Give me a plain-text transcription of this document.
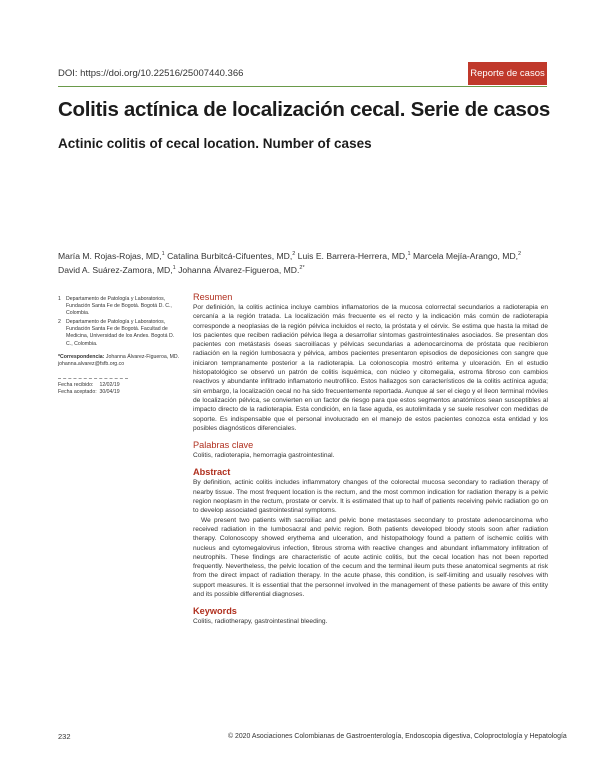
DOI: https://doi.org/10.22516/25007440.366	Reporte de casos
Colitis actínica de localización cecal. Serie de casos
Actinic colitis of cecal location. Number of cases
María M. Rojas-Rojas, MD,$^1$ Catalina Burbitcá-Cifuentes, MD,$^2$ Luis E. Barrera-Herrera, MD,$^1$ Marcela Mejía-Arango, MD,$^2$
David A. Suárez-Zamora, MD,$^1$ Johanna Álvarez-Figueroa, MD.$^{2*}$
1 Departamento de Patología y Laboratorios, Fundación Santa Fe de Bogotá. Bogotá D. C., Colombia.
2 Departamento de Patología y Laboratorios, Fundación Santa Fe de Bogotá. Facultad de Medicina, Universidad de los Andes. Bogotá D. C., Colombia.
*Correspondencia: Johanna Álvarez-Figueroa, MD. johanna.alvarez@fsfb.org.co
Fecha recibido: 12/02/19
Fecha aceptado: 30/04/19
Resumen

Por definición, la colitis actínica incluye cambios inflamatorios de la mucosa colorrectal secundarios a radioterapia en cercanía a la región tratada. La localización más frecuente es el recto y la indicación más común de radioterapia corresponde a neoplasias de la región pélvica incluidos el recto, la próstata y el cérvix. Se estima que hasta la mitad de los pacientes que reciben radiación pélvica llega a desarrollar síntomas gastrointestinales asociados. Se presentan dos pacientes con metástasis óseas sacroilíacas y pélvicas secundarias a adenocarcinoma de próstata que recibieron radiación en la región lumbosacra y pélvica, ambos pacientes presentaron episodios de deposiciones con sangre que iniciaron tempranamente posterior a la radioterapia. La colonoscopia mostró eritema y ulceración. En el estudio histopatológico se observó un patrón de colitis isquémica, con núcleo y citomegalia, estroma fibroso con cambios reactivos y abundante infiltrado inflamatorio neutrofílico. Estos hallazgos son característicos de la colitis actínica aguda; sin embargo, la localización cecal no ha sido frecuentemente reportada. Aunque al ser el ciego y el íleon terminal móviles de localización pélvica, se convierten en un factor de riesgo para que estos segmentos anatómicos sean susceptibles al impacto directo de la radioterapia. Esta condición, en la fase aguda, es autolimitada y se suele resolver con medidas de soporte. Es indispensable que el personal involucrado en el manejo de estos pacientes conozca esta entidad y los posibles diagnósticos diferenciales.

Palabras clave

Colitis, radioterapia, hemorragia gastrointestinal.

Abstract

By definition, actinic colitis includes inflammatory changes of the colorectal mucosa secondary to radiation therapy of nearby tissue. The most frequent location is the rectum, and the most common indication for radiation therapy is a pelvic region neoplasm in the rectum, prostate or cervix. It is estimated that up to half of patients receiving pelvic radiation go on to develop associated gastrointestinal symptoms.

We present two patients with sacroiliac and pelvic bone metastases secondary to prostate adenocarcinoma who received radiation in the lumbosacral and pelvic region. Both patients developed bloody stools soon after radiation therapy. Colonoscopy showed erythema and ulceration, and histopathology found a pattern of ischemic colitis with nucleus and cytomegalovirus infection, fibrous stroma with reactive changes and abundant inflammatory infiltration of neutrophils. These findings are characteristic of acute actinic colitis, but the cecal location has not been reported frequently. Nevertheless, the pelvic location of the cecum and the terminal ileum puts these anatomical segments at risk from the direct impact of radiation therapy. In the acute phase, this condition, is self-limiting and usually resolves with support measures. It is essential that the personnel involved in the management of these patients be aware of this entity and its possible differential diagnoses.

Keywords

Colitis, radiotherapy, gastrointestinal bleeding.

232	© 2020 Asociaciones Colombianas de Gastroenterología, Endoscopia digestiva, Coloproctología y Hepatología
